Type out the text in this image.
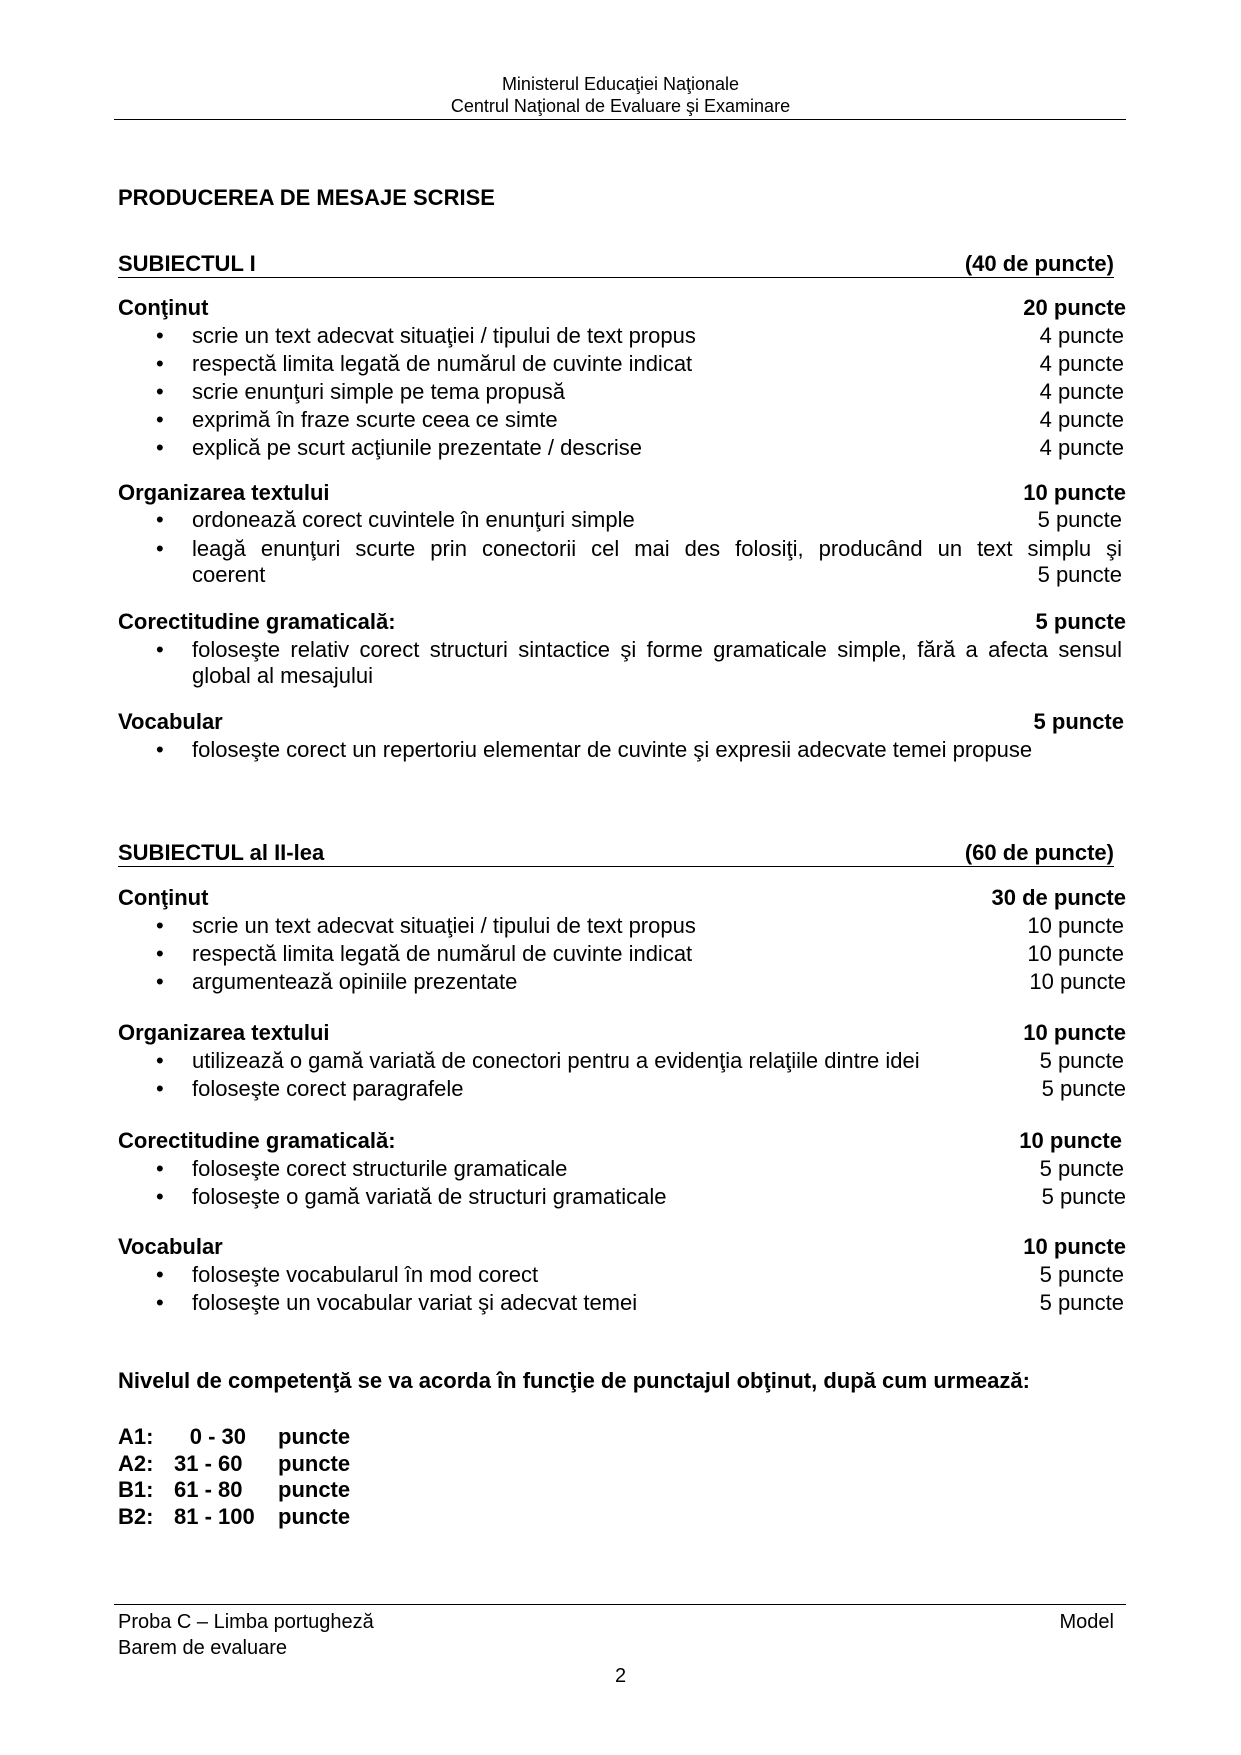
Ministerul Educaţiei Naţionale
Centrul Naţional de Evaluare şi Examinare
PRODUCEREA DE MESAJE SCRISE
SUBIECTUL I	(40 de puncte)
Conţinut	20 puncte
• scrie un text adecvat situaţiei / tipului de text propus	4 puncte
• respectă limita legată de numărul de cuvinte indicat	4 puncte
• scrie enunţuri simple pe tema propusă	4 puncte
• exprimă în fraze scurte ceea ce simte	4 puncte
• explică pe scurt acţiunile prezentate / descrise	4 puncte
Organizarea textului	10 puncte
• ordonează corect cuvintele în enunţuri simple	5 puncte
• leagă enunţuri scurte prin conectorii cel mai des folosiţi, producând un text simplu şi
coerent	5 puncte
Corectitudine gramaticală:	5 puncte
• foloseşte relativ corect structuri sintactice şi forme gramaticale simple, fără a afecta sensul
global al mesajului
Vocabular	5 puncte
• foloseşte corect un repertoriu elementar de cuvinte şi expresii adecvate temei propuse
SUBIECTUL al II-lea	(60 de puncte)
Conţinut	30 de puncte
• scrie un text adecvat situaţiei / tipului de text propus	10 puncte
• respectă limita legată de numărul de cuvinte indicat	10 puncte
• argumentează opiniile prezentate	10 puncte
Organizarea textului	10 puncte
• utilizează o gamă variată de conectori pentru a evidenţia relaţiile dintre idei	5 puncte
• foloseşte corect paragrafele	5 puncte
Corectitudine gramaticală:	10 puncte
• foloseşte corect structurile gramaticale	5 puncte
• foloseşte o gamă variată de structuri gramaticale	5 puncte
Vocabular	10 puncte
• foloseşte vocabularul în mod corect	5 puncte
• foloseşte un vocabular variat şi adecvat temei	5 puncte
Nivelul de competenţă se va acorda în funcţie de punctajul obţinut, după cum urmează:
A1:	0 - 30 puncte
A2: 31 - 60 puncte
B1: 61 - 80 puncte
B2: 81 - 100 puncte
Proba C – Limba portugheză
Barem de evaluare
Model
2
